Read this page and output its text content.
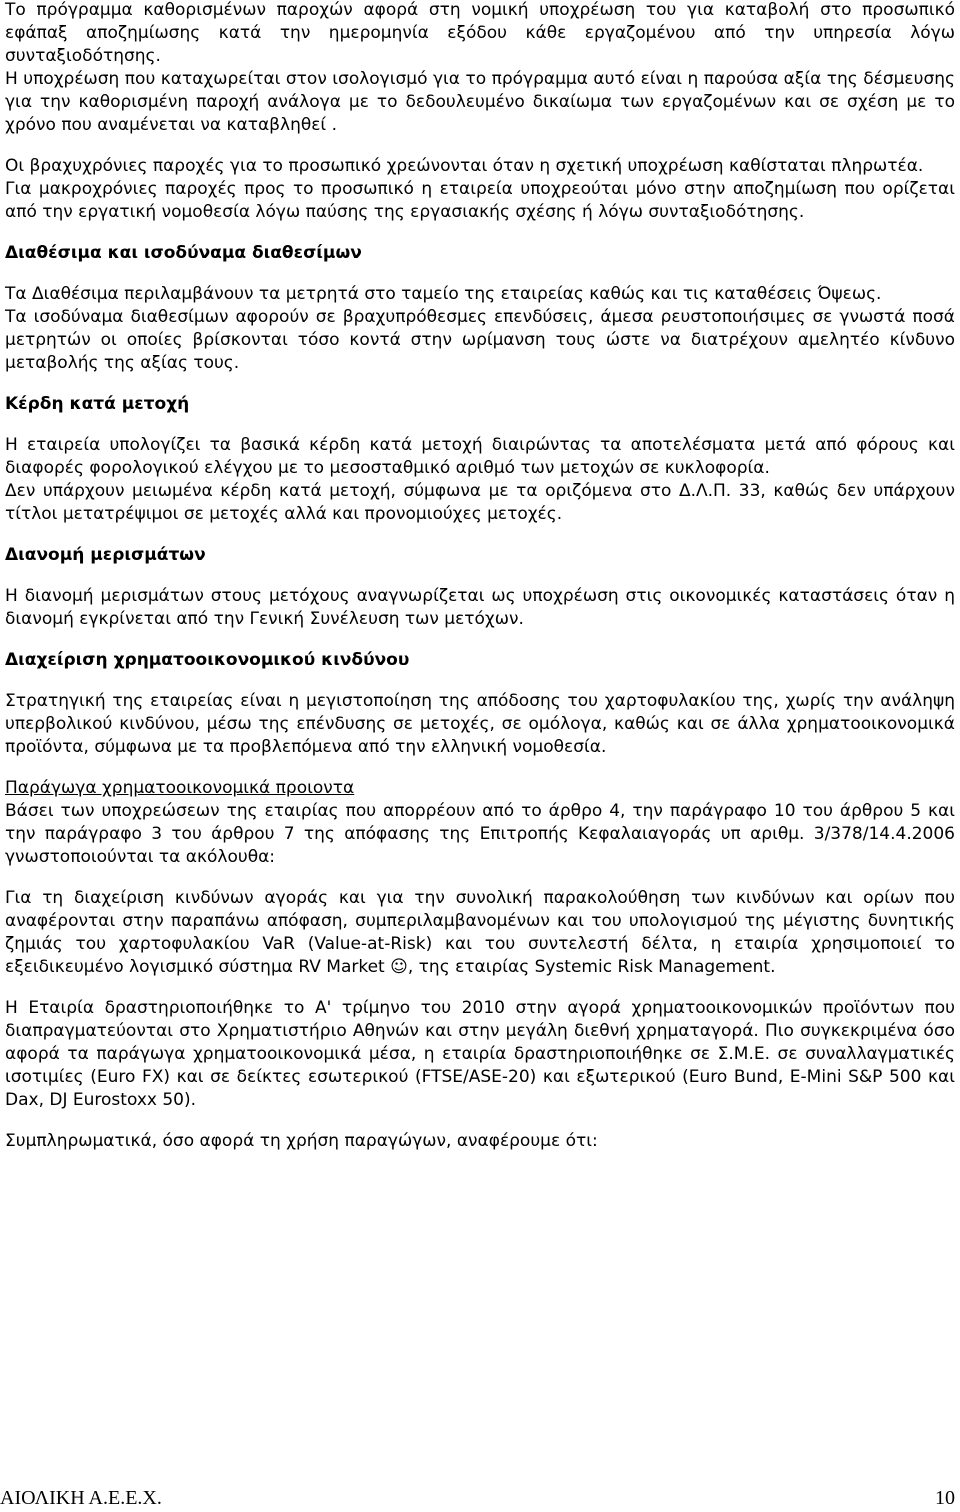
Το πρόγραμμα καθορισμένων παροχών αφορά στη νομική υποχρέωση του για καταβολή στο προσωπικό εφάπαξ αποζημίωσης κατά την ημερομηνία εξόδου κάθε εργαζομένου από την υπηρεσία λόγω συνταξιοδότησης.

Η υποχρέωση που καταχωρείται στον ισολογισμό για το πρόγραμμα αυτό είναι η παρούσα αξία της δέσμευσης για την καθορισμένη παροχή ανάλογα με το δεδουλευμένο δικαίωμα των εργαζομένων και σε σχέση με το χρόνο που αναμένεται να καταβληθεί .

Οι βραχυχρόνιες παροχές για το προσωπικό χρεώνονται όταν η σχετική υποχρέωση καθίσταται πληρωτέα.

Για μακροχρόνιες παροχές προς το προσωπικό η εταιρεία υποχρεούται μόνο στην αποζημίωση που ορίζεται από την εργατική νομοθεσία λόγω παύσης της εργασιακής σχέσης ή λόγω συνταξιοδότησης.

Διαθέσιμα και ισοδύναμα διαθεσίμων

Τα Διαθέσιμα περιλαμβάνουν τα μετρητά στο ταμείο της εταιρείας καθώς και τις καταθέσεις Όψεως.

Τα ισοδύναμα διαθεσίμων αφορούν σε βραχυπρόθεσμες επενδύσεις, άμεσα ρευστοποιήσιμες σε γνωστά ποσά μετρητών οι οποίες βρίσκονται τόσο κοντά στην ωρίμανση τους ώστε να διατρέχουν αμελητέο κίνδυνο μεταβολής της αξίας τους.

Κέρδη κατά μετοχή

Η εταιρεία υπολογίζει τα βασικά κέρδη κατά μετοχή διαιρώντας τα αποτελέσματα μετά από φόρους και διαφορές φορολογικού ελέγχου με το μεσοσταθμικό αριθμό των μετοχών σε κυκλοφορία.

Δεν υπάρχουν μειωμένα κέρδη κατά μετοχή, σύμφωνα με τα οριζόμενα στο Δ.Λ.Π. 33, καθώς δεν υπάρχουν τίτλοι μετατρέψιμοι σε μετοχές αλλά και προνομιούχες μετοχές.

Διανομή μερισμάτων

Η διανομή μερισμάτων στους μετόχους αναγνωρίζεται ως υποχρέωση στις οικονομικές καταστάσεις όταν η διανομή εγκρίνεται από την Γενική Συνέλευση των μετόχων.

Διαχείριση χρηματοοικονομικού κινδύνου

Στρατηγική της εταιρείας είναι η μεγιστοποίηση της απόδοσης του χαρτοφυλακίου της, χωρίς την ανάληψη υπερβολικού κινδύνου, μέσω της επένδυσης σε μετοχές, σε ομόλογα, καθώς και σε άλλα χρηματοοικονομικά προϊόντα, σύμφωνα με τα προβλεπόμενα από την ελληνική νομοθεσία.

Παράγωγα χρηματοοικονομικά προιοντα

Βάσει των υποχρεώσεων της εταιρίας που απορρέουν από το άρθρο 4, την παράγραφο 10 του άρθρου 5 και την παράγραφο 3 του άρθρου 7 της απόφασης της Επιτροπής Κεφαλαιαγοράς υπ αριθμ. 3/378/14.4.2006 γνωστοποιούνται τα ακόλουθα:

Για τη διαχείριση κινδύνων αγοράς και για την συνολική παρακολούθηση των κινδύνων και ορίων που αναφέρονται στην παραπάνω απόφαση, συμπεριλαμβανομένων και του υπολογισμού της μέγιστης δυνητικής ζημιάς του χαρτοφυλακίου VaR (Value-at-Risk) και του συντελεστή δέλτα, η εταιρία χρησιμοποιεί το εξειδικευμένο λογισμικό σύστημα RV Market ☺, της εταιρίας Systemic Risk Management.

Η Εταιρία δραστηριοποιήθηκε το Α' τρίμηνο του 2010 στην αγορά χρηματοοικονομικών προϊόντων που διαπραγματεύονται στο Χρηματιστήριο Αθηνών και στην μεγάλη διεθνή χρηματαγορά. Πιο συγκεκριμένα όσο αφορά τα παράγωγα χρηματοοικονομικά μέσα, η εταιρία δραστηριοποιήθηκε σε Σ.Μ.Ε. σε συναλλαγματικές ισοτιμίες (Euro FX) και σε δείκτες εσωτερικού (FTSE/ASE-20) και εξωτερικού (Euro Bund, E-Mini S&P 500 και Dax, DJ Eurostoxx 50).

Συμπληρωματικά, όσο αφορά τη χρήση παραγώγων, αναφέρουμε ότι:

ΑΙΟΛΙΚΗ Α.Ε.Ε.Χ.	10
